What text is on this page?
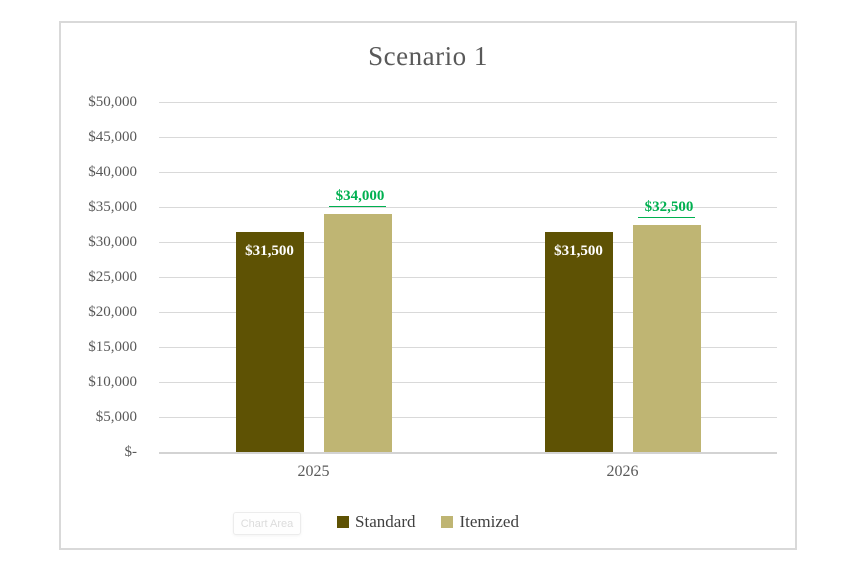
Scenario 1
Standard	Itemized
Chart Area
$50,000
$45,000
$40,000
$35,000
$30,000
$25,000
$20,000
$15,000
$10,000
$5,000
$-
2025
$31,500
$34,000
2026
$31,500
$32,500
